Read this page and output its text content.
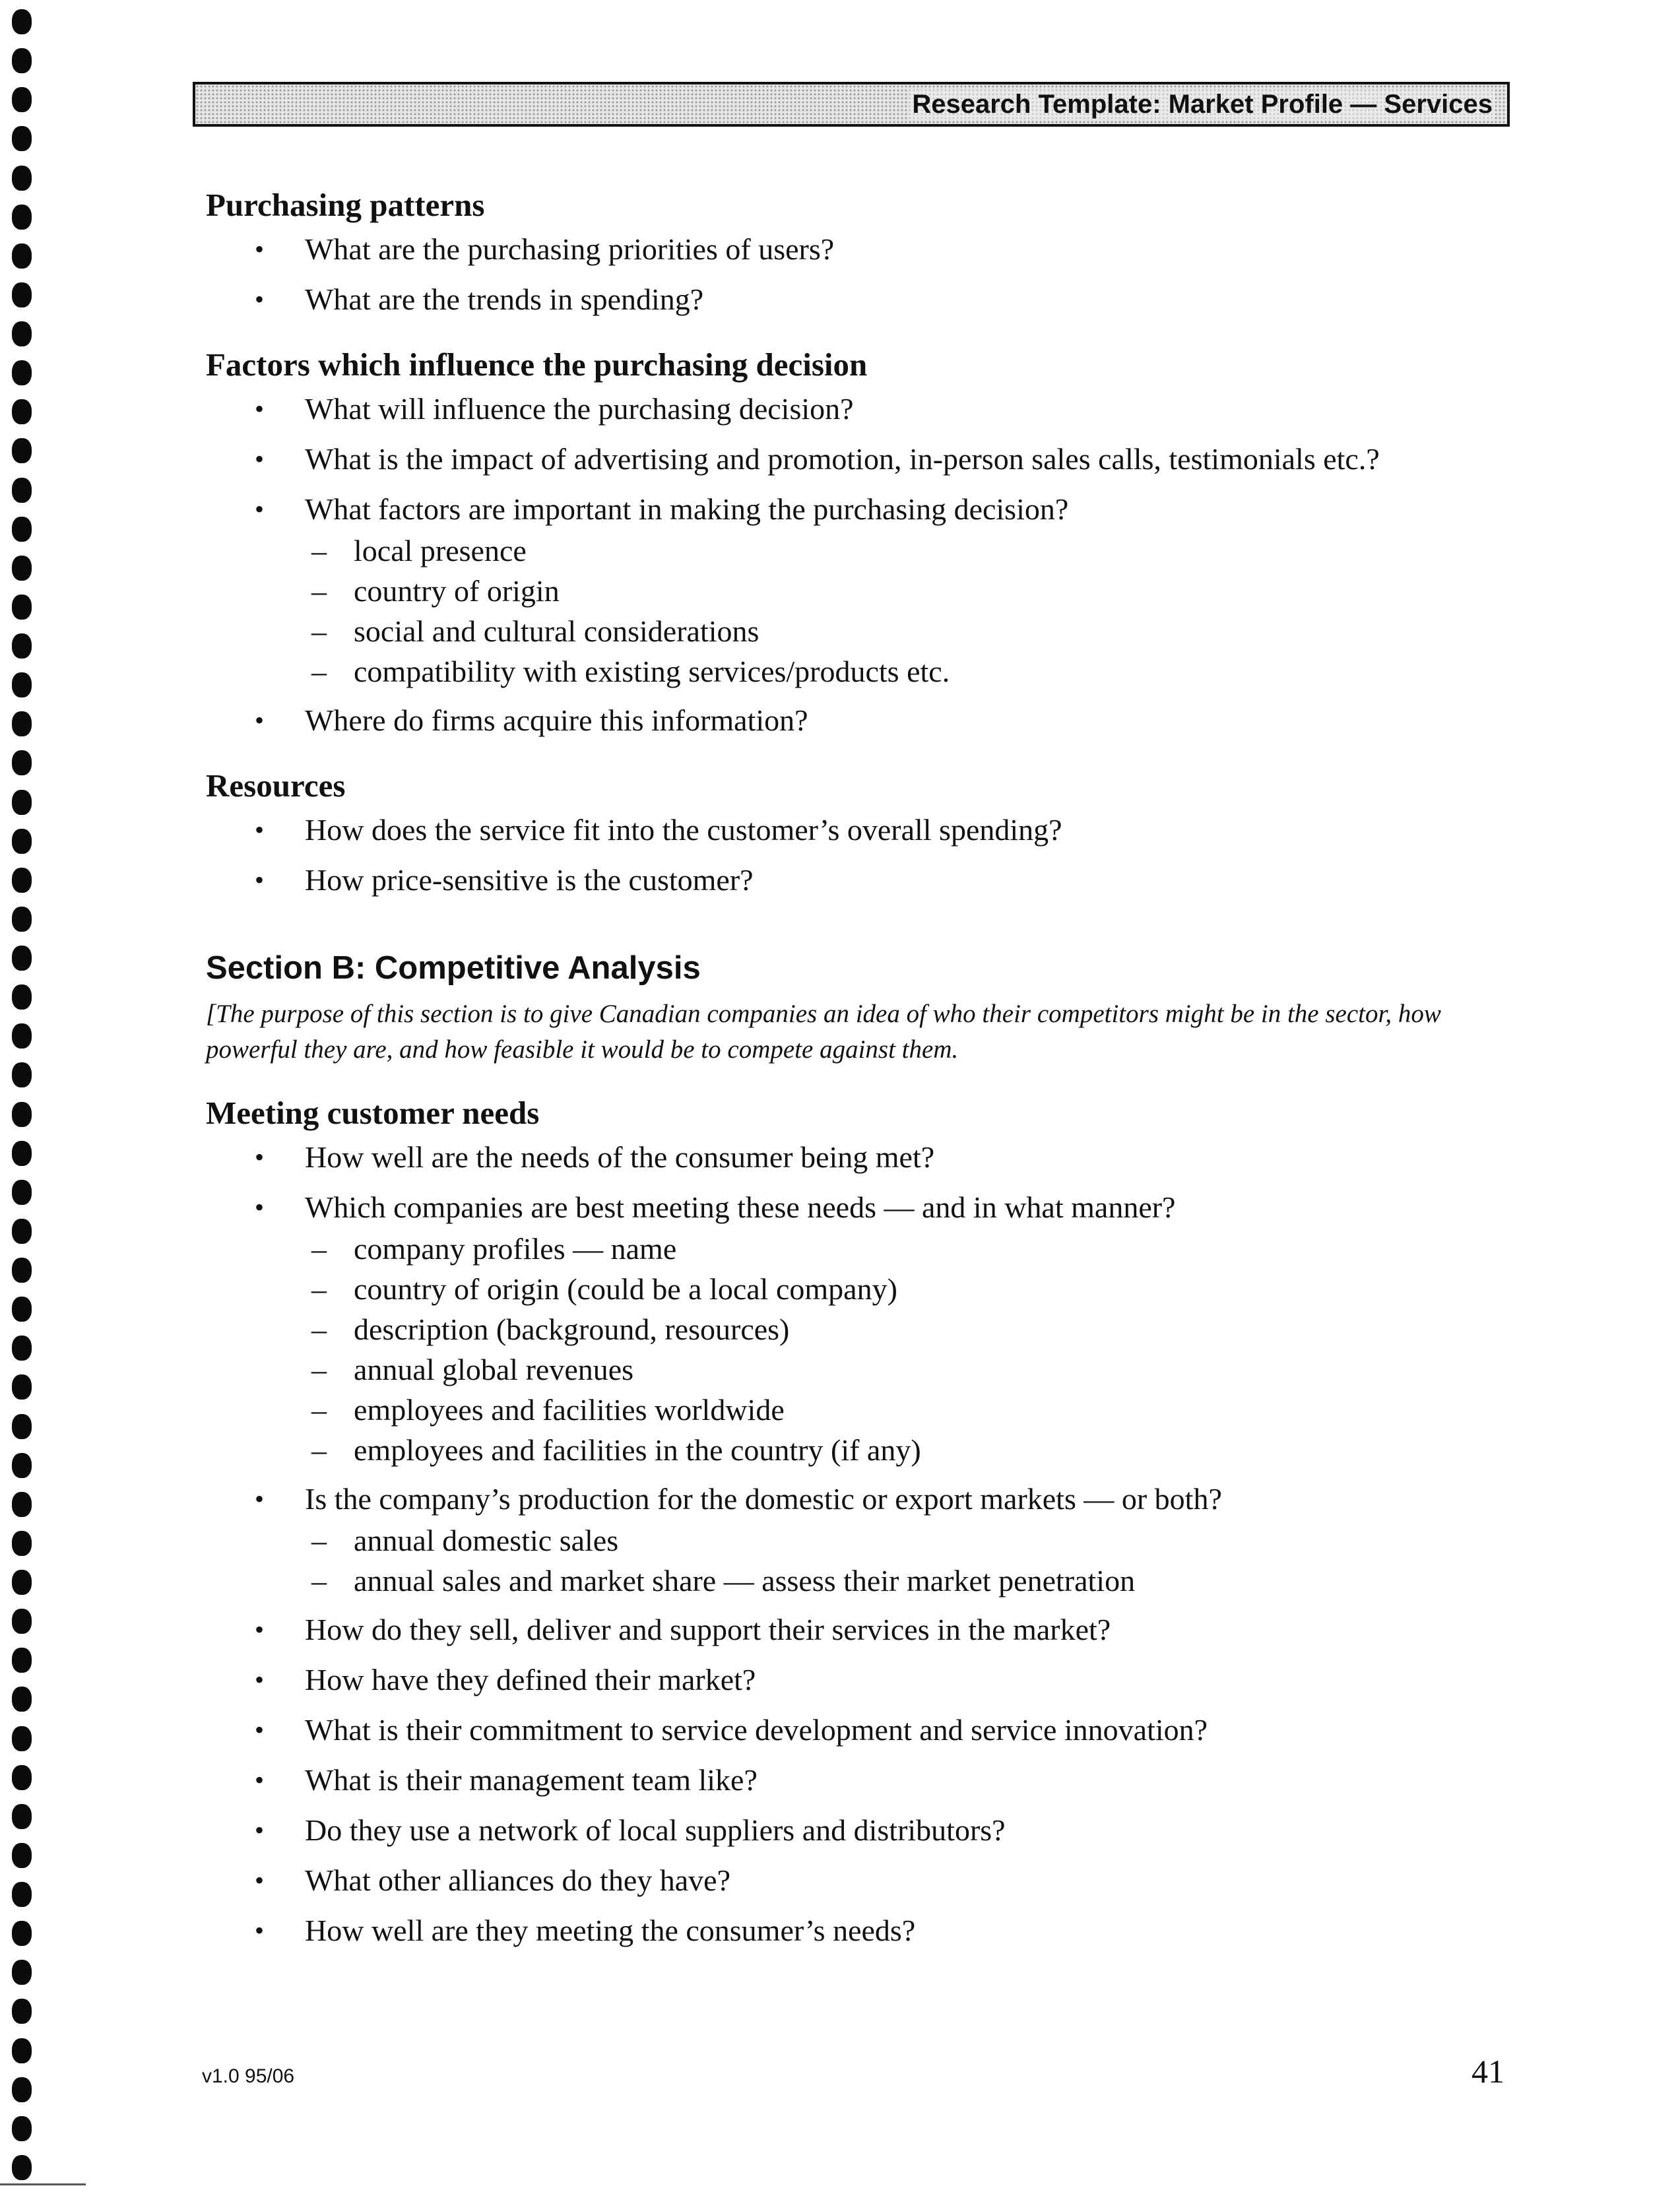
Research Template: Market Profile — Services
Purchasing patterns
• What are the purchasing priorities of users?
• What are the trends in spending?
Factors which influence the purchasing decision
• What will influence the purchasing decision?
• What is the impact of advertising and promotion, in-person sales calls, testimonials etc.?
• What factors are important in making the purchasing decision?
– local presence
– country of origin
– social and cultural considerations
– compatibility with existing services/products etc.
• Where do firms acquire this information?
Resources
• How does the service fit into the customer’s overall spending?
• How price-sensitive is the customer?
Section B: Competitive Analysis

[The purpose of this section is to give Canadian companies an idea of who their competitors might be in the sector, how powerful they are, and how feasible it would be to compete against them.

Meeting customer needs
• How well are the needs of the consumer being met?
• Which companies are best meeting these needs — and in what manner?
– company profiles — name
– country of origin (could be a local company)
– description (background, resources)
– annual global revenues
– employees and facilities worldwide
– employees and facilities in the country (if any)
• Is the company’s production for the domestic or export markets — or both?
– annual domestic sales
– annual sales and market share — assess their market penetration
• How do they sell, deliver and support their services in the market?
• How have they defined their market?
• What is their commitment to service development and service innovation?
• What is their management team like?
• Do they use a network of local suppliers and distributors?
• What other alliances do they have?
• How well are they meeting the consumer’s needs?
v1.0 95/06	41
